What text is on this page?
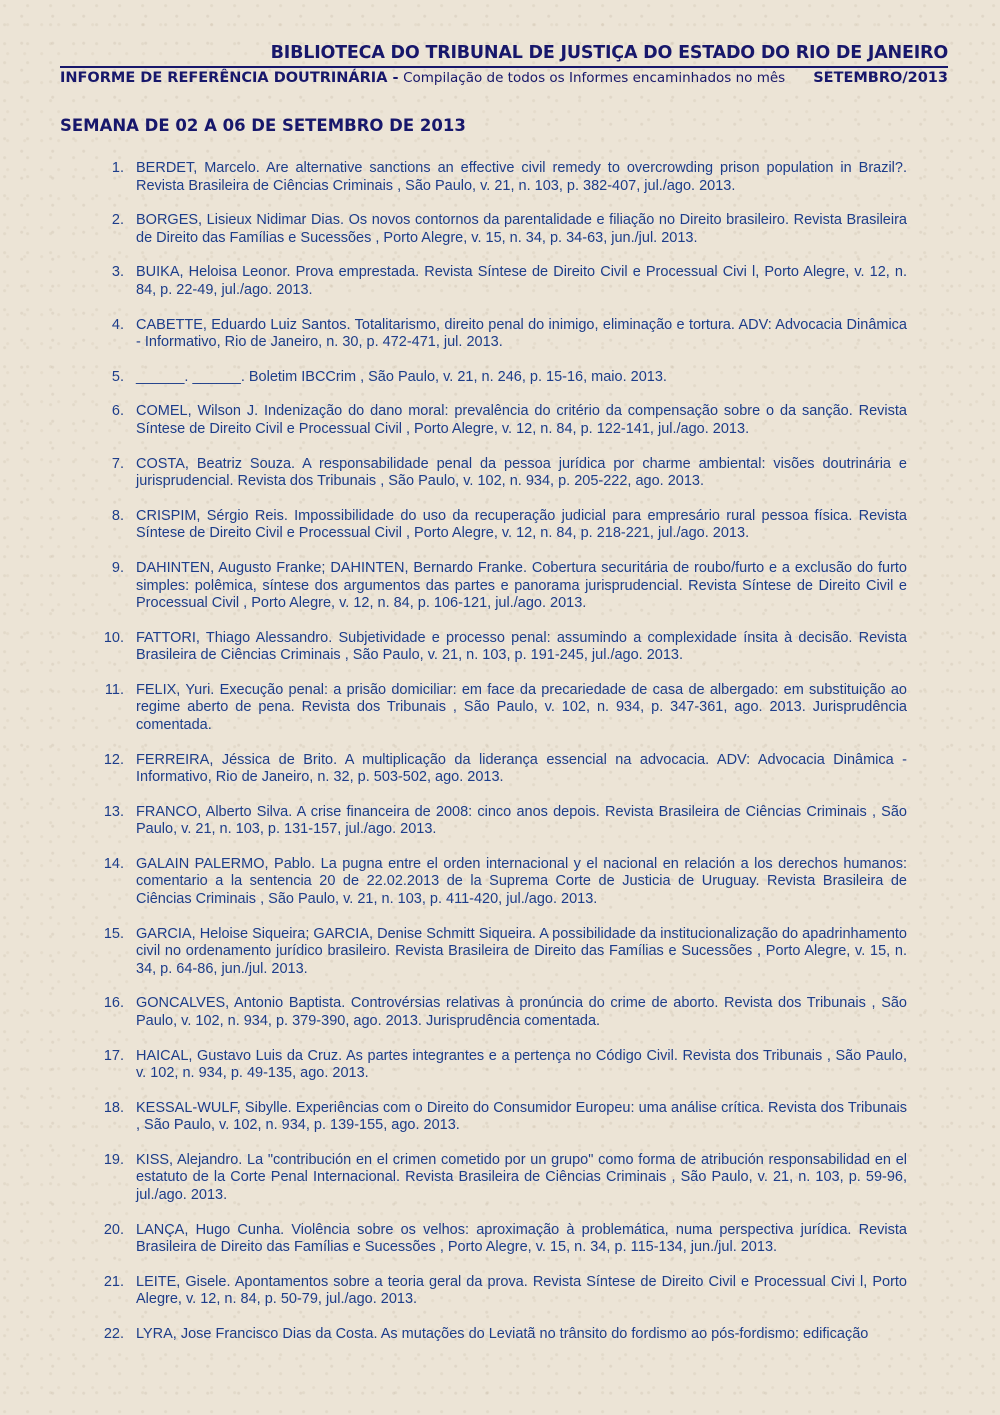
BIBLIOTECA DO TRIBUNAL DE JUSTIÇA DO ESTADO DO RIO DE JANEIRO
INFORME DE REFERÊNCIA DOUTRINÁRIA - Compilação de todos os Informes encaminhados no mês SETEMBRO/2013
SEMANA DE 02 A 06 DE SETEMBRO DE 2013
1. BERDET, Marcelo. Are alternative sanctions an effective civil remedy to overcrowding prison population in Brazil?. Revista Brasileira de Ciências Criminais , São Paulo, v. 21, n. 103, p. 382-407, jul./ago. 2013.
2. BORGES, Lisieux Nidimar Dias. Os novos contornos da parentalidade e filiação no Direito brasileiro. Revista Brasileira de Direito das Famílias e Sucessões , Porto Alegre, v. 15, n. 34, p. 34-63, jun./jul. 2013.
3. BUIKA, Heloisa Leonor. Prova emprestada. Revista Síntese de Direito Civil e Processual Civi l, Porto Alegre, v. 12, n. 84, p. 22-49, jul./ago. 2013.
4. CABETTE, Eduardo Luiz Santos. Totalitarismo, direito penal do inimigo, eliminação e tortura. ADV: Advocacia Dinâmica - Informativo, Rio de Janeiro, n. 30, p. 472-471, jul. 2013.
5. ______. ______. Boletim IBCCrim , São Paulo, v. 21, n. 246, p. 15-16, maio. 2013.
6. COMEL, Wilson J. Indenização do dano moral: prevalência do critério da compensação sobre o da sanção. Revista Síntese de Direito Civil e Processual Civil , Porto Alegre, v. 12, n. 84, p. 122-141, jul./ago. 2013.
7. COSTA, Beatriz Souza. A responsabilidade penal da pessoa jurídica por charme ambiental: visões doutrinária e jurisprudencial. Revista dos Tribunais , São Paulo, v. 102, n. 934, p. 205-222, ago. 2013.
8. CRISPIM, Sérgio Reis. Impossibilidade do uso da recuperação judicial para empresário rural pessoa física. Revista Síntese de Direito Civil e Processual Civil , Porto Alegre, v. 12, n. 84, p. 218-221, jul./ago. 2013.
9. DAHINTEN, Augusto Franke; DAHINTEN, Bernardo Franke. Cobertura securitária de roubo/furto e a exclusão do furto simples: polêmica, síntese dos argumentos das partes e panorama jurisprudencial. Revista Síntese de Direito Civil e Processual Civil , Porto Alegre, v. 12, n. 84, p. 106-121, jul./ago. 2013.
10. FATTORI, Thiago Alessandro. Subjetividade e processo penal: assumindo a complexidade ínsita à decisão. Revista Brasileira de Ciências Criminais , São Paulo, v. 21, n. 103, p. 191-245, jul./ago. 2013.
11. FELIX, Yuri. Execução penal: a prisão domiciliar: em face da precariedade de casa de albergado: em substituição ao regime aberto de pena. Revista dos Tribunais , São Paulo, v. 102, n. 934, p. 347-361, ago. 2013. Jurisprudência comentada.
12. FERREIRA, Jéssica de Brito. A multiplicação da liderança essencial na advocacia. ADV: Advocacia Dinâmica - Informativo, Rio de Janeiro, n. 32, p. 503-502, ago. 2013.
13. FRANCO, Alberto Silva. A crise financeira de 2008: cinco anos depois. Revista Brasileira de Ciências Criminais , São Paulo, v. 21, n. 103, p. 131-157, jul./ago. 2013.
14. GALAIN PALERMO, Pablo. La pugna entre el orden internacional y el nacional en relación a los derechos humanos: comentario a la sentencia 20 de 22.02.2013 de la Suprema Corte de Justicia de Uruguay. Revista Brasileira de Ciências Criminais , São Paulo, v. 21, n. 103, p. 411-420, jul./ago. 2013.
15. GARCIA, Heloise Siqueira; GARCIA, Denise Schmitt Siqueira. A possibilidade da institucionalização do apadrinhamento civil no ordenamento jurídico brasileiro. Revista Brasileira de Direito das Famílias e Sucessões , Porto Alegre, v. 15, n. 34, p. 64-86, jun./jul. 2013.
16. GONCALVES, Antonio Baptista. Controvérsias relativas à pronúncia do crime de aborto. Revista dos Tribunais , São Paulo, v. 102, n. 934, p. 379-390, ago. 2013. Jurisprudência comentada.
17. HAICAL, Gustavo Luis da Cruz. As partes integrantes e a pertença no Código Civil. Revista dos Tribunais , São Paulo, v. 102, n. 934, p. 49-135, ago. 2013.
18. KESSAL-WULF, Sibylle. Experiências com o Direito do Consumidor Europeu: uma análise crítica. Revista dos Tribunais , São Paulo, v. 102, n. 934, p. 139-155, ago. 2013.
19. KISS, Alejandro. La "contribución en el crimen cometido por un grupo" como forma de atribución responsabilidad en el estatuto de la Corte Penal Internacional. Revista Brasileira de Ciências Criminais , São Paulo, v. 21, n. 103, p. 59-96, jul./ago. 2013.
20. LANÇA, Hugo Cunha. Violência sobre os velhos: aproximação à problemática, numa perspectiva jurídica. Revista Brasileira de Direito das Famílias e Sucessões , Porto Alegre, v. 15, n. 34, p. 115-134, jun./jul. 2013.
21. LEITE, Gisele. Apontamentos sobre a teoria geral da prova. Revista Síntese de Direito Civil e Processual Civi l, Porto Alegre, v. 12, n. 84, p. 50-79, jul./ago. 2013.
22. LYRA, Jose Francisco Dias da Costa. As mutações do Leviatã no trânsito do fordismo ao pós-fordismo: edificação
